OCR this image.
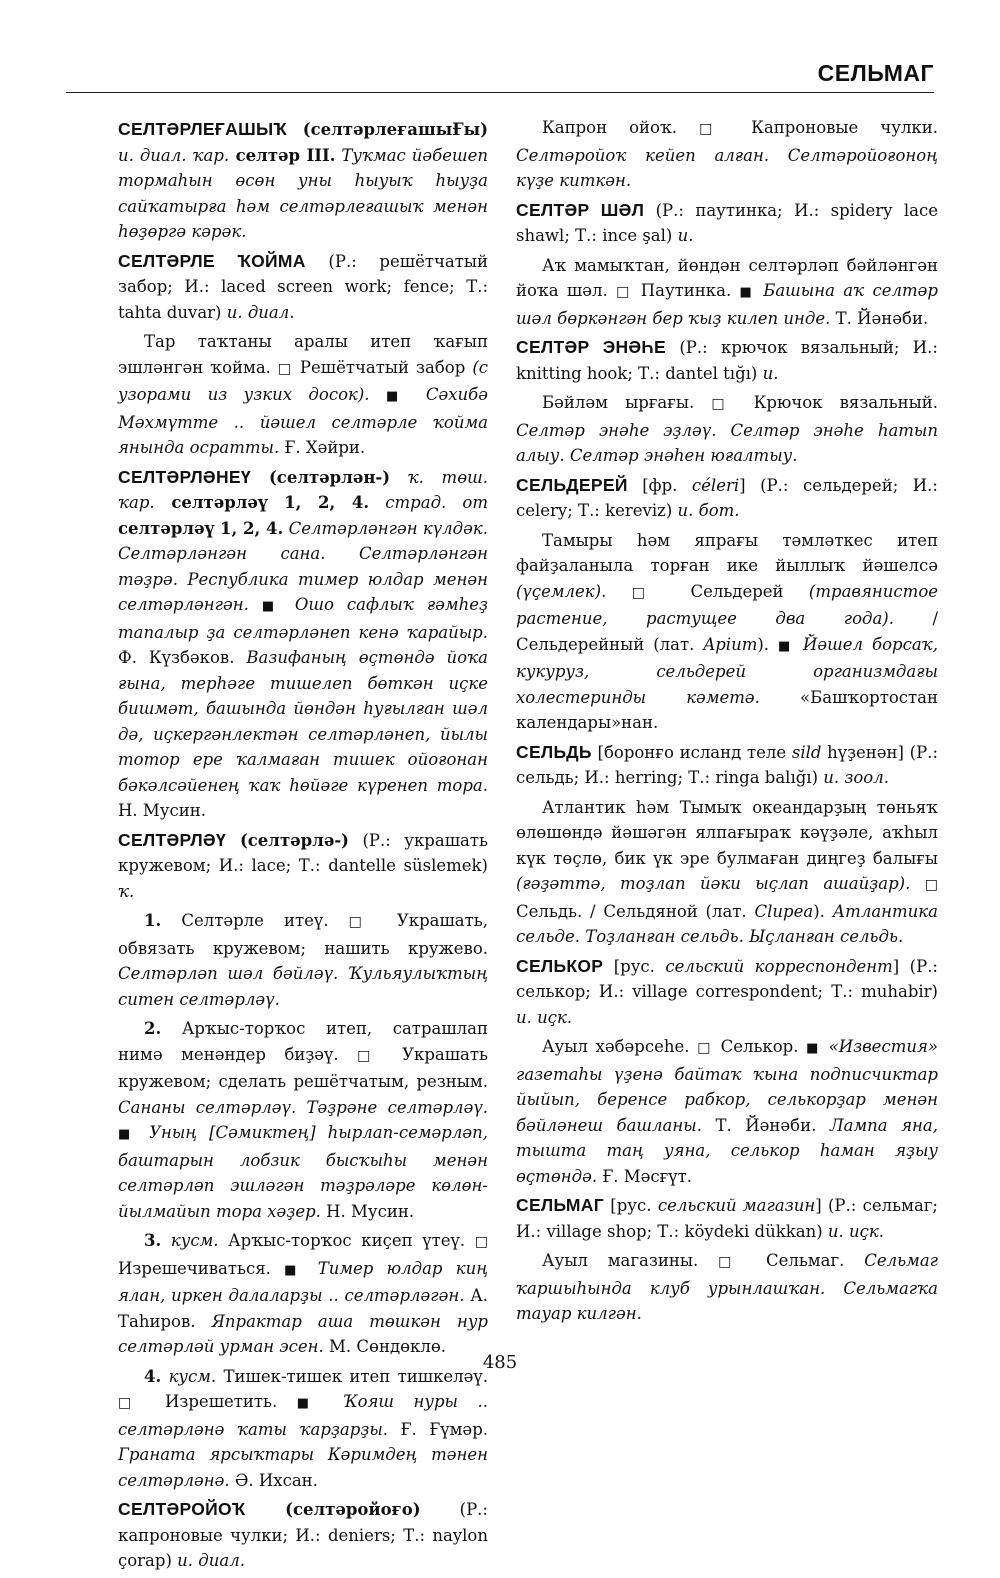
СЕЛЬМАГ

СЕЛТӘРЛЕҒАШЫҠ (селтәрлеғашыҒы) и. диал. ҡар. селтәр III. Туҡмас йәбешеп тормаһын өсөн уны һыуыҡ һыуҙа сайҡатырға һәм селтәрлеғашыҡ менән һөҙөргә кәрәк.

СЕЛТӘРЛЕ ҠОЙМА (Р.: решётчатый забор; И.: laced screen work; fence; Т.: tahta duvar) и. диал.

Тар таҡтаны аралы итеп ҡағып эшләнгән ҡойма. □ Решётчатый забор (с узорами из узких досок). ■ Сәхибә Мәхмүтте .. йәшел селтәрле ҡойма янында осратты. Ғ. Хәйри.

СЕЛТӘРЛӘНЕҮ (селтәрлән-) ҡ. төш. ҡар. селтәрләү 1, 2, 4. страд. от селтәрләү 1, 2, 4. Селтәрләнгән күлдәк. Селтәрләнгән сана. Селтәрләнгән тәҙрә. Республика тимер юлдар менән селтәрләнгән. ■ Ошо сафлыҡ ғәмһеҙ тапалыр ҙа селтәрләнеп кенә ҡарайыр. Ф. Күзбәков. Вазифаның өҫтөндә йоҡа ғына, терһәге тишелеп бөткән иҫке бишмәт, башында йөндән һуғылған шәл дә, иҫкергәнлектән селтәрләнеп, йылы тотор ере ҡалмаған тишек ойоғонан бәкәлсәйенең ҡаҡ һөйәге күренеп тора. Н. Мусин.

СЕЛТӘРЛӘҮ (селтәрлә-) (Р.: украшать кружевом; И.: lace; Т.: dantelle süslemek) ҡ.

1. Селтәрле итеү. □ Украшать, обвязать кружевом; нашить кружево. Селтәрләп шәл бәйләү. Ҡульяулыҡтың ситен селтәрләү.

2. Арҡыс-торҡос итеп, сатрашлап нимә менәндер биҙәү. □ Украшать кружевом; сделать решётчатым, резным. Сананы селтәрләү. Тәҙрәне селтәрләү. ■ Уның [Сәмиктең] һырлап-семәрләп, баштарын лобзик бысҡыһы менән селтәрләп эшләгән тәҙрәләре көлөн-йылмайып тора хәҙер. Н. Мусин.

3. кусм. Арҡыс-торҡос киҫеп үтеү. □ Изрешечиваться. ■ Тимер юлдар киң ялан, иркен далаларҙы .. селтәрләгән. А. Таһиров. Япрактар аша төшкән нур селтәрләй урман эсен. М. Сөндөклө.

4. кусм. Тишек-тишек итеп тишкеләү. □ Изрешетить. ■ Ҡояш нуры .. селтәрләнә ҡаты ҡарҙарҙы. Ғ. Ғүмәр. Граната ярсыҡтары Кәримдең тәнен селтәрләнә. Ә. Ихсан.

СЕЛТӘРОЙОҠ (селтәройоғо) (Р.: капроновые чулки; И.: deniers; Т.: naylon çorap) и. диал.

Капрон ойоҡ. □ Капроновые чулки. Селтәройоҡ кейеп алған. Селтәройоғоноң күҙе киткән.

СЕЛТӘР ШӘЛ (Р.: паутинка; И.: spidery lace shawl; Т.: ince şal) и.

Аҡ мамыҡтан, йөндән селтәрләп бәйләнгән йоҡа шәл. □ Паутинка. ■ Башына аҡ селтәр шәл бөркәнгән бер ҡыҙ килеп инде. Т. Йәнәби.

СЕЛТӘР ЭНӘҺЕ (Р.: крючок вязальный; И.: knitting hook; Т.: dantel tığı) и.

Бәйләм ырғағы. □ Крючок вязальный. Селтәр энәһе эҙләү. Селтәр энәһе һатып алыу. Селтәр энәһен юғалтыу.

СЕЛЬДЕРЕЙ [фр. céleri] (Р.: сельдерей; И.: celery; Т.: kereviz) и. бот.

Тамыры һәм япрағы тәмләткес итеп файҙаланыла торған ике йыллыҡ йәшелсә (үҫемлек). □ Сельдерей (травянистое растение, растущее два года). / Сельдерейный (лат. Apium). ■ Йәшел борсаҡ, кукуруз, сельдерей организмдағы холестеринды кәметә. «Башҡортостан календары»нан.

СЕЛЬДЬ [боронғо исланд теле sild һүҙенән] (Р.: сельдь; И.: herring; Т.: ringa balığı) и. зоол.

Атлантик һәм Тымыҡ океандарҙың төньяҡ өлөшөндә йәшәгән ялпағыраҡ кәүҙәле, аҡһыл күк төҫлө, бик үк эре булмаған диңгеҙ балығы (ғәҙәттә, тоҙлап йәки ыҫлап ашайҙар). □ Сельдь. / Сельдяной (лат. Clupea). Атлантика сельде. Тоҙланған сельдь. Ыҫланған сельдь.

СЕЛЬКОР [рус. сельский корреспондент] (Р.: селькор; И.: village correspondent; Т.: muhabir) и. иҫк.

Ауыл хәбәрсеһе. □ Селькор. ■ «Известия» газетаһы үҙенә байтаҡ ҡына подписчиктар йыйып, беренсе рабкор, селькорҙар менән бәйләнеш башланы. Т. Йәнәби. Лампа яна, тышта таң уяна, селькор һаман яҙыу өҫтөндә. Ғ. Мәсғүт.

СЕЛЬМАГ [рус. сельский магазин] (Р.: сельмаг; И.: village shop; Т.: köydeki dükkan) и. иҫк.

Ауыл магазины. □ Сельмаг. Сельмаг ҡаршыһында клуб урынлашҡан. Сельмагҡа тауар килгән.

485
